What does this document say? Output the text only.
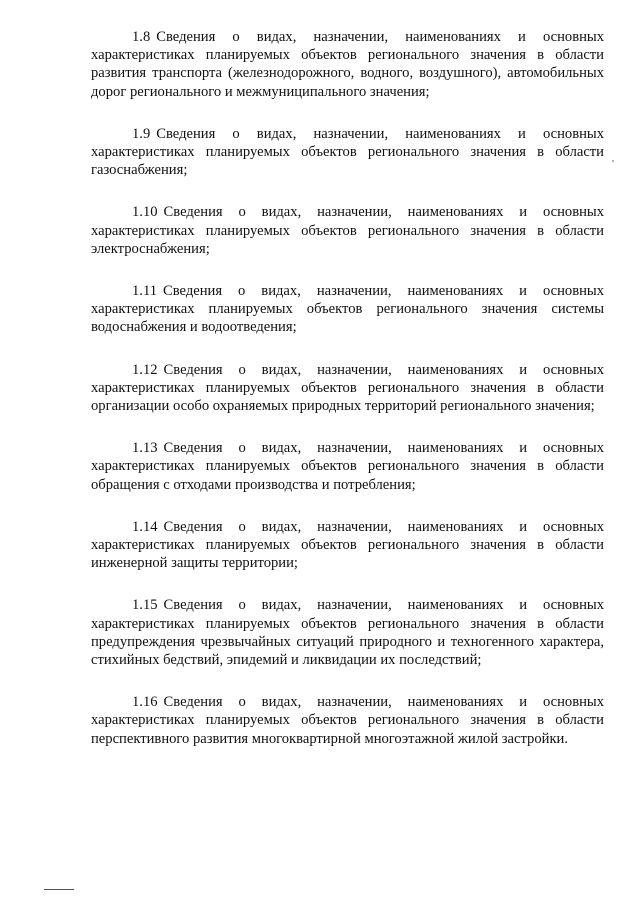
1.8 Сведения о видах, назначении, наименованиях и основных характеристиках планируемых объектов регионального значения в области развития транспорта (железнодорожного, водного, воздушного), автомобильных дорог регионального и межмуниципального значения;

1.9 Сведения о видах, назначении, наименованиях и основных характеристиках планируемых объектов регионального значения в области газоснабжения;

1.10 Сведения о видах, назначении, наименованиях и основных характеристиках планируемых объектов регионального значения в области электроснабжения;

1.11 Сведения о видах, назначении, наименованиях и основных характеристиках планируемых объектов регионального значения системы водоснабжения и водоотведения;

1.12 Сведения о видах, назначении, наименованиях и основных характеристиках планируемых объектов регионального значения в области организации особо охраняемых природных территорий регионального значения;

1.13 Сведения о видах, назначении, наименованиях и основных характеристиках планируемых объектов регионального значения в области обращения с отходами производства и потребления;

1.14 Сведения о видах, назначении, наименованиях и основных характеристиках планируемых объектов регионального значения в области инженерной защиты территории;

1.15 Сведения о видах, назначении, наименованиях и основных характеристиках планируемых объектов регионального значения в области предупреждения чрезвычайных ситуаций природного и техногенного характера, стихийных бедствий, эпидемий и ликвидации их последствий;

1.16 Сведения о видах, назначении, наименованиях и основных характеристиках планируемых объектов регионального значения в области перспективного развития многоквартирной многоэтажной жилой застройки.
